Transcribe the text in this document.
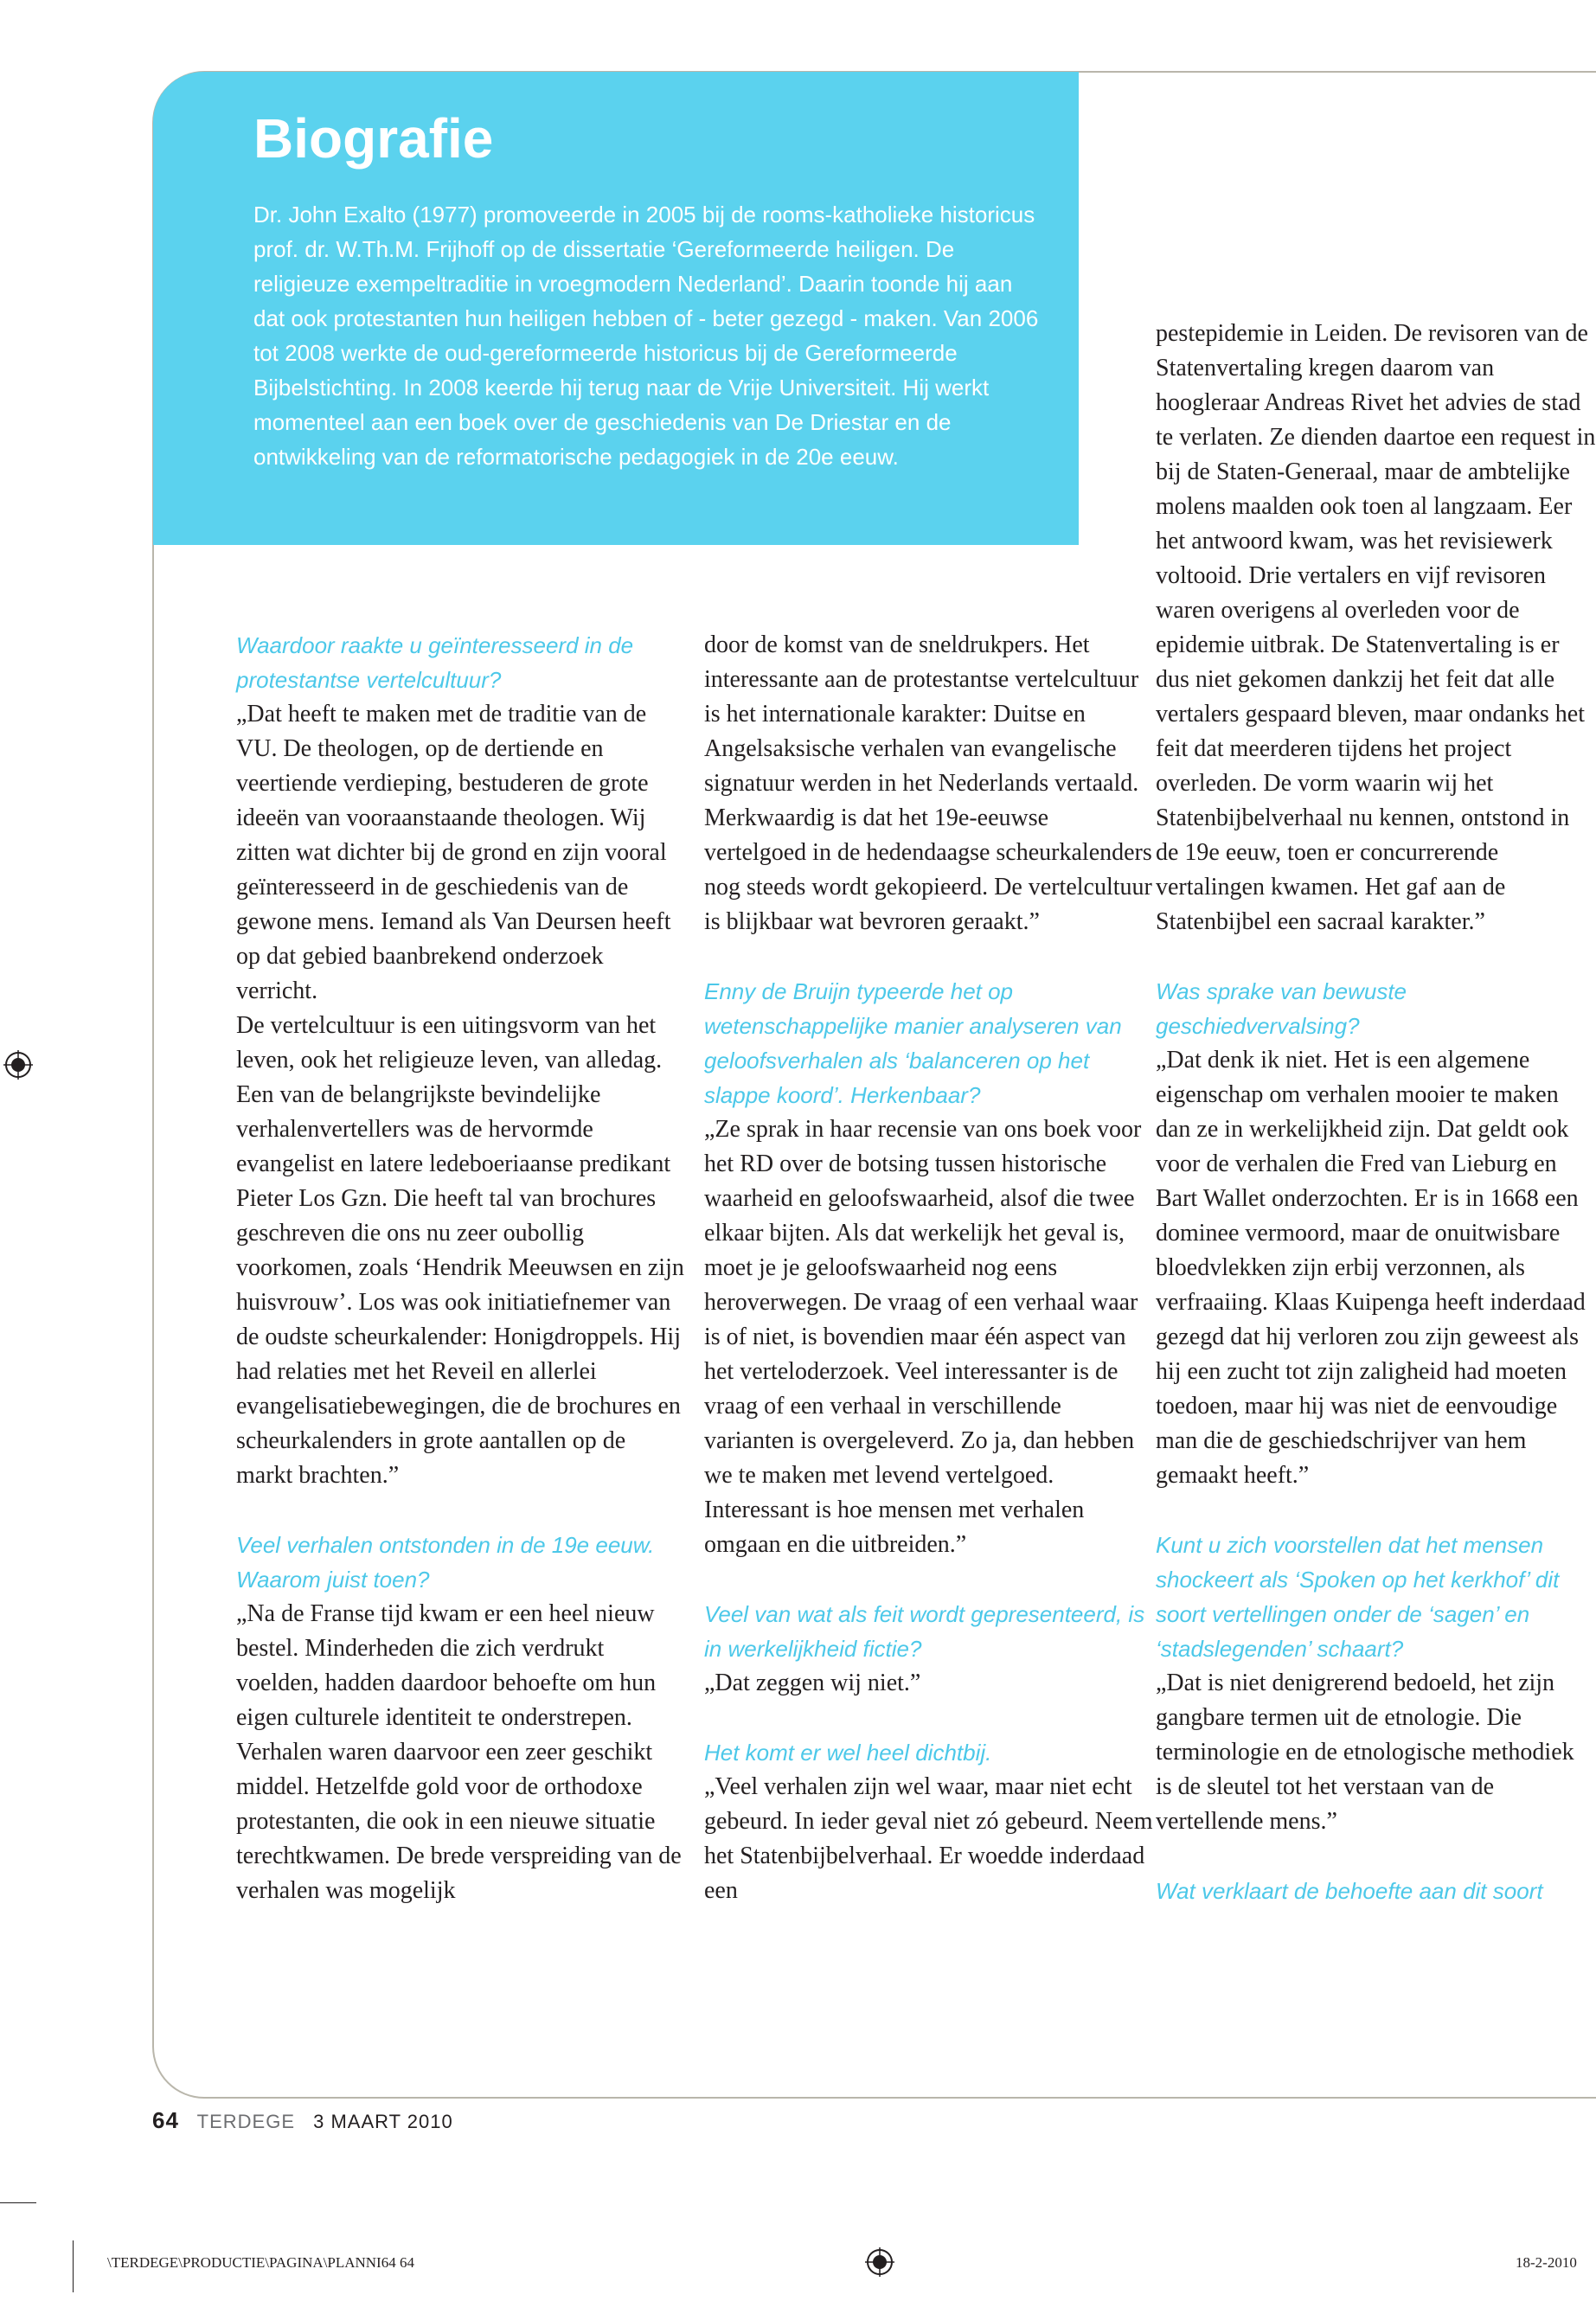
Biografie
Dr. John Exalto (1977) promoveerde in 2005 bij de rooms-katholieke historicus prof. dr. W.Th.M. Frijhoff op de dissertatie ‘Gereformeerde heiligen. De religieuze exempeltraditie in vroegmodern Nederland’. Daarin toonde hij aan dat ook protestanten hun heiligen hebben of - beter gezegd - maken. Van 2006 tot 2008 werkte de oud-gereformeerde historicus bij de Gereformeerde Bijbelstichting. In 2008 keerde hij terug naar de Vrije Universiteit. Hij werkt momenteel aan een boek over de geschiedenis van De Driestar en de ontwikkeling van de reformatorische pedagogiek in de 20e eeuw.

Waardoor raakte u geïnteresseerd in de protestantse vertelcultuur?
„Dat heeft te maken met de traditie van de VU. De theologen, op de dertiende en veertiende verdieping, bestuderen de grote ideeën van vooraanstaande theologen. Wij zitten wat dichter bij de grond en zijn vooral geïnteresseerd in de geschiedenis van de gewone mens. Iemand als Van Deursen heeft op dat gebied baanbrekend onderzoek verricht.
De vertelcultuur is een uitingsvorm van het leven, ook het religieuze leven, van alledag. Een van de belangrijkste bevindelijke verhalenvertellers was de hervormde evangelist en latere ledeboeriaanse predikant Pieter Los Gzn. Die heeft tal van brochures geschreven die ons nu zeer oubollig voorkomen, zoals ‘Hendrik Meeuwsen en zijn huisvrouw’. Los was ook initiatiefnemer van de oudste scheurkalender: Honigdroppels. Hij had relaties met het Reveil en allerlei evangelisatiebewegingen, die de brochures en scheurkalenders in grote aantallen op de markt brachten.”

Veel verhalen ontstonden in de 19e eeuw. Waarom juist toen?
„Na de Franse tijd kwam er een heel nieuw bestel. Minderheden die zich verdrukt voelden, hadden daardoor behoefte om hun eigen culturele identiteit te onderstrepen. Verhalen waren daarvoor een zeer geschikt middel. Hetzelfde gold voor de orthodoxe protestanten, die ook in een nieuwe situatie terechtkwamen. De brede verspreiding van de verhalen was mogelijk

door de komst van de sneldrukpers. Het interessante aan de protestantse vertelcultuur is het internationale karakter: Duitse en Angelsaksische verhalen van evangelische signatuur werden in het Nederlands vertaald. Merkwaardig is dat het 19e-eeuwse vertelgoed in de hedendaagse scheurkalenders nog steeds wordt gekopieerd. De vertelcultuur is blijkbaar wat bevroren geraakt.”

Enny de Bruijn typeerde het op wetenschappelijke manier analyseren van geloofsverhalen als ‘balanceren op het slappe koord’. Herkenbaar?
„Ze sprak in haar recensie van ons boek voor het RD over de botsing tussen historische waarheid en geloofswaarheid, alsof die twee elkaar bijten. Als dat werkelijk het geval is, moet je je geloofswaarheid nog eens heroverwegen. De vraag of een verhaal waar is of niet, is bovendien maar één aspect van het verteloderzoek. Veel interessanter is de vraag of een verhaal in verschillende varianten is overgeleverd. Zo ja, dan hebben we te maken met levend vertelgoed. Interessant is hoe mensen met verhalen omgaan en die uitbreiden.”

Veel van wat als feit wordt gepresenteerd, is in werkelijkheid fictie?
„Dat zeggen wij niet.”

Het komt er wel heel dichtbij.
„Veel verhalen zijn wel waar, maar niet echt gebeurd. In ieder geval niet zó gebeurd. Neem het Statenbijbelverhaal. Er woedde inderdaad een

pestepidemie in Leiden. De revisoren van de Statenvertaling kregen daarom van hoogleraar Andreas Rivet het advies de stad te verlaten. Ze dienden daartoe een request in bij de Staten-Generaal, maar de ambtelijke molens maalden ook toen al langzaam. Eer het antwoord kwam, was het revisiewerk voltooid. Drie vertalers en vijf revisoren waren overigens al overleden voor de epidemie uitbrak. De Statenvertaling is er dus niet gekomen dankzij het feit dat alle vertalers gespaard bleven, maar ondanks het feit dat meerderen tijdens het project overleden. De vorm waarin wij het Statenbijbelverhaal nu kennen, ontstond in de 19e eeuw, toen er concurrerende vertalingen kwamen. Het gaf aan de Statenbijbel een sacraal karakter.”

Was sprake van bewuste geschiedvervalsing?
„Dat denk ik niet. Het is een algemene eigenschap om verhalen mooier te maken dan ze in werkelijkheid zijn. Dat geldt ook voor de verhalen die Fred van Lieburg en Bart Wallet onderzochten. Er is in 1668 een dominee vermoord, maar de onuitwisbare bloedvlekken zijn erbij verzonnen, als verfraaiing. Klaas Kuipenga heeft inderdaad gezegd dat hij verloren zou zijn geweest als hij een zucht tot zijn zaligheid had moeten toedoen, maar hij was niet de eenvoudige man die de geschiedschrijver van hem gemaakt heeft.”

Kunt u zich voorstellen dat het mensen shockeert als ‘Spoken op het kerkhof’ dit soort vertellingen onder de ‘sagen’ en ‘stadslegenden’ schaart?
„Dat is niet denigrerend bedoeld, het zijn gangbare termen uit de etnologie. Die terminologie en de etnologische methodiek is de sleutel tot het verstaan van de vertellende mens.”

Wat verklaart de behoefte aan dit soort

64 TERDEGE 3 MAART 2010
\TERDEGE\PRODUCTIE\PAGINA\PLANNI64 64	18-2-2010
